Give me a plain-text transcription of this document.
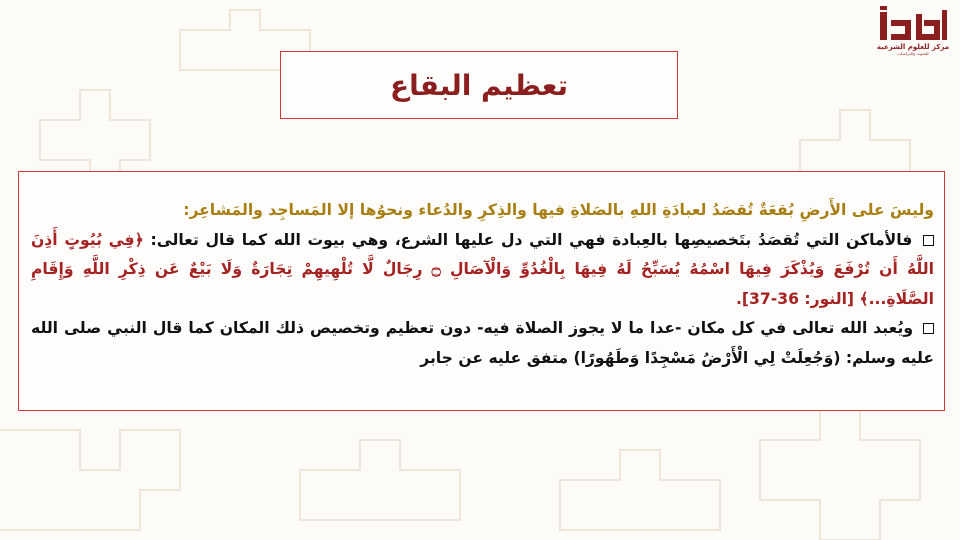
مركز للعلوم الشرعية
للبحوث والدراسات
تعظيم البقاع

وليسَ على الأَرضِ بُقعَةٌ تُقصَدُ لعبادَةِ اللهِ بالصَلاةِ فيها والذِكرِ والدُعاء ونحوُها إلا المَساجِد والمَشاعِر:

فالأماكن التي تُقصَدُ بتَخصيصِها بالعِبادة فهي التي دل عليها الشرع، وهي بيوت الله كما قال تعالى: ﴿فِي بُيُوتٍ أَذِنَ اللَّهُ أَن تُرْفَعَ وَيُذْكَرَ فِيهَا اسْمُهُ يُسَبِّحُ لَهُ فِيهَا بِالْغُدُوِّ وَالْآصَالِ ۝ رِجَالٌ لَّا تُلْهِيهِمْ تِجَارَةٌ وَلَا بَيْعٌ عَن ذِكْرِ اللَّهِ وَإِقَامِ الصَّلَاةِ...﴾ [النور: 36-37].

ويُعبد الله تعالى في كل مكان -عدا ما لا يجوز الصلاة فيه- دون تعظيم وتخصيص ذلك المكان كما قال النبي صلى الله عليه وسلم: (وَجُعِلَتْ لِي الْأَرْضُ مَسْجِدًا وَطَهُورًا) متفق عليه عن جابر
